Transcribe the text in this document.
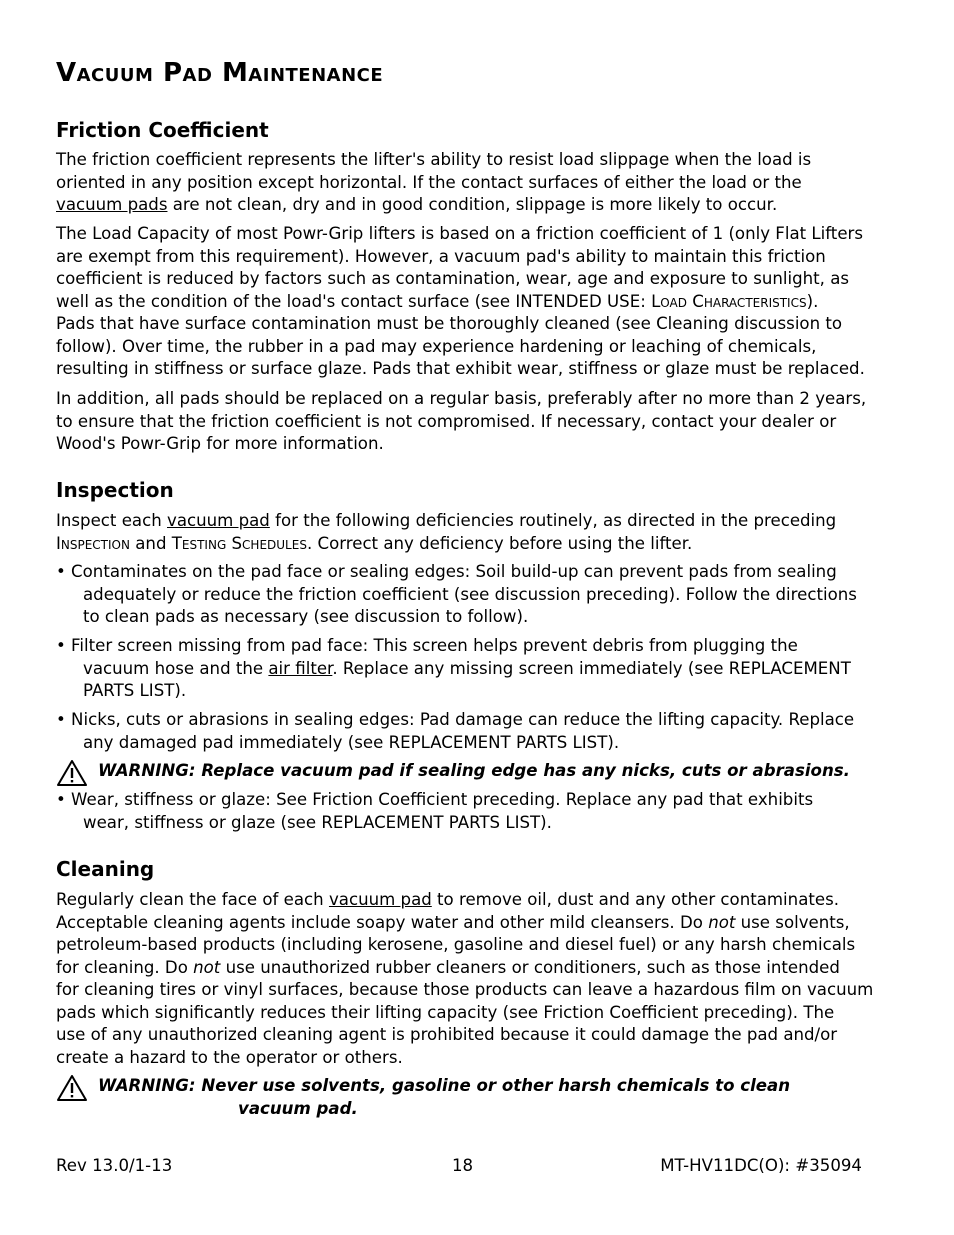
Vacuum Pad Maintenance
Friction Coefficient
The friction coefficient represents the lifter's ability to resist load slippage when the load is
oriented in any position except horizontal. If the contact surfaces of either the load or the
vacuum pads are not clean, dry and in good condition, slippage is more likely to occur.
The Load Capacity of most Powr-Grip lifters is based on a friction coefficient of 1 (only Flat Lifters
are exempt from this requirement). However, a vacuum pad's ability to maintain this friction
coefficient is reduced by factors such as contamination, wear, age and exposure to sunlight, as
well as the condition of the load's contact surface (see INTENDED USE: Load Characteristics).
Pads that have surface contamination must be thoroughly cleaned (see Cleaning discussion to
follow). Over time, the rubber in a pad may experience hardening or leaching of chemicals,
resulting in stiffness or surface glaze. Pads that exhibit wear, stiffness or glaze must be replaced.
In addition, all pads should be replaced on a regular basis, preferably after no more than 2 years,
to ensure that the friction coefficient is not compromised. If necessary, contact your dealer or
Wood's Powr-Grip for more information.
Inspection
Inspect each vacuum pad for the following deficiencies routinely, as directed in the preceding
Inspection and Testing Schedules. Correct any deficiency before using the lifter.
• Contaminates on the pad face or sealing edges: Soil build-up can prevent pads from sealing
adequately or reduce the friction coefficient (see discussion preceding). Follow the directions
to clean pads as necessary (see discussion to follow).
• Filter screen missing from pad face: This screen helps prevent debris from plugging the
vacuum hose and the air filter. Replace any missing screen immediately (see REPLACEMENT
PARTS LIST).
• Nicks, cuts or abrasions in sealing edges: Pad damage can reduce the lifting capacity. Replace
any damaged pad immediately (see REPLACEMENT PARTS LIST).
WARNING: Replace vacuum pad if sealing edge has any nicks, cuts or abrasions.
• Wear, stiffness or glaze: See Friction Coefficient preceding. Replace any pad that exhibits
wear, stiffness or glaze (see REPLACEMENT PARTS LIST).
Cleaning
Regularly clean the face of each vacuum pad to remove oil, dust and any other contaminates.
Acceptable cleaning agents include soapy water and other mild cleansers. Do not use solvents,
petroleum-based products (including kerosene, gasoline and diesel fuel) or any harsh chemicals
for cleaning. Do not use unauthorized rubber cleaners or conditioners, such as those intended
for cleaning tires or vinyl surfaces, because those products can leave a hazardous film on vacuum
pads which significantly reduces their lifting capacity (see Friction Coefficient preceding). The
use of any unauthorized cleaning agent is prohibited because it could damage the pad and/or
create a hazard to the operator or others.
WARNING: Never use solvents, gasoline or other harsh chemicals to clean
vacuum pad.
Rev 13.0/1-13	18	MT-HV11DC(O): #35094
